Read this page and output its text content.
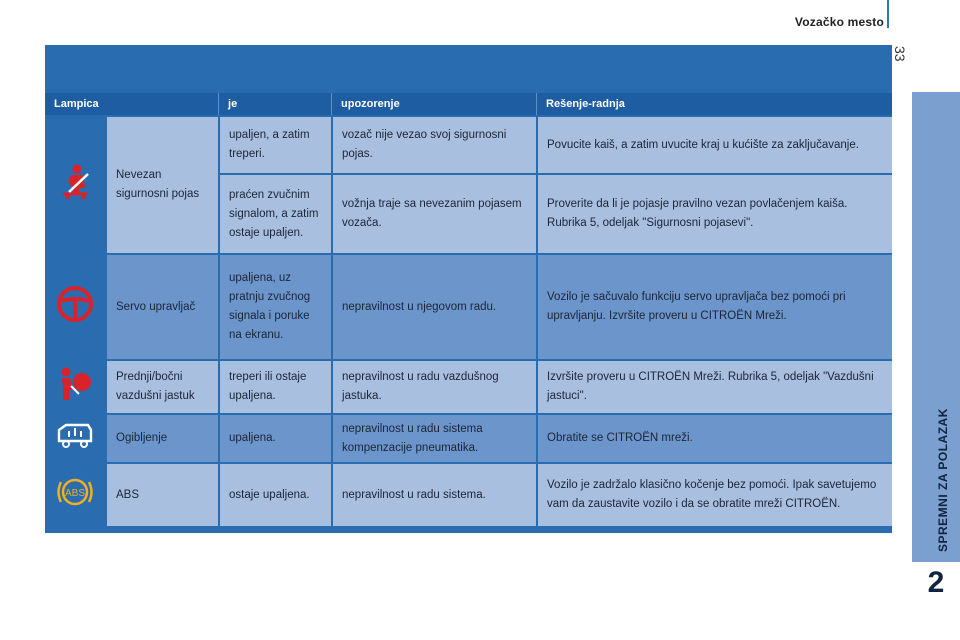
Vozačko mesto
33
SPREMNI ZA POLAZAK
2
Lampica		je	upozorenje	Rešenje-radnja
	Nevezan sigurnosni pojas	upaljen, a zatim treperi.	vozač nije vezao svoj sigurnosni pojas.	Povucite kaiš, a zatim uvucite kraj u kućište za zaključavanje.
		praćen zvučnim signalom, a zatim ostaje upaljen.	vožnja traje sa nevezanim pojasem vozača.	Proverite da li je pojasje pravilno vezan povlačenjem kaiša. Rubrika 5, odeljak "Sigurnosni pojasevi".
	Servo upravljač	upaljena, uz pratnju zvučnog signala i poruke na ekranu.	nepravilnost u njegovom radu.	Vozilo je sačuvalo funkciju servo upravljača bez pomoći pri upravljanju. Izvršite proveru u CITROËN Mreži.
	Prednji/bočni vazdušni jastuk	treperi ili ostaje upaljena.	nepravilnost u radu vazdušnog jastuka.	Izvršite proveru u CITROËN Mreži. Rubrika 5, odeljak "Vazdušni jastuci".
	Ogibljenje	upaljena.	nepravilnost u radu sistema kompenzacije pneumatika.	Obratite se CITROËN mreži.

ABS	ABS	ostaje upaljena.	nepravilnost u radu sistema.	Vozilo je zadržalo klasično kočenje bez pomoći. Ipak savetujemo vam da zaustavite vozilo i da se obratite mreži CITROËN.
